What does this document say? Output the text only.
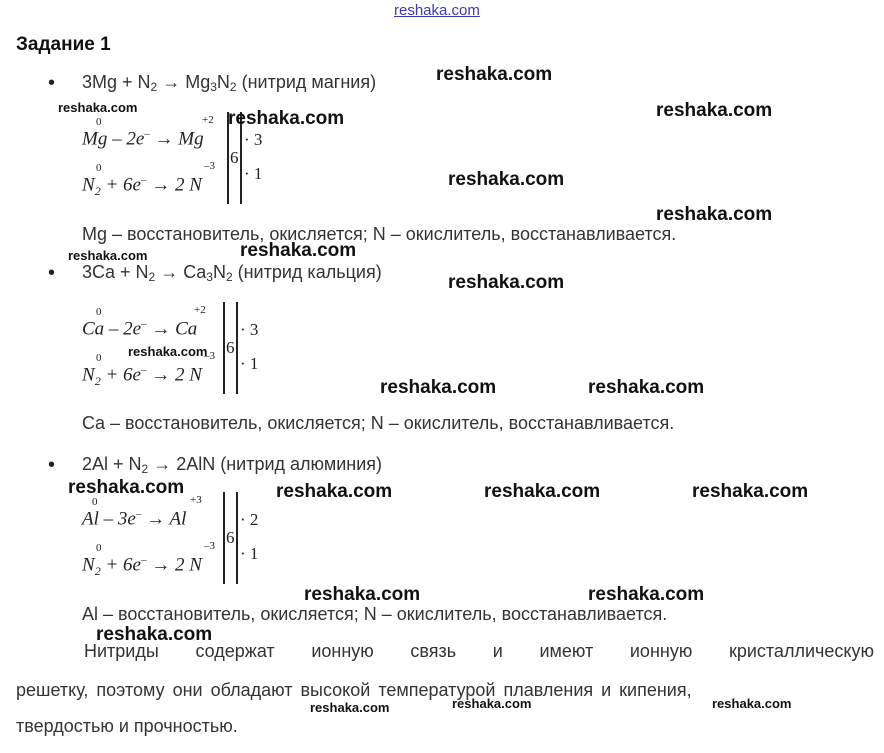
reshaka.com
Задание 1
• $3Mg + N_2 \to Mg_3N_2$ (нитрид магния)
0	+2
Mg – 2e– → Mg
0	–3
$N_2 + 6e^- \to 2$ N
6
· 3
· 1
Mg – восстановитель, окисляется; N – окислитель, восстанавливается.
• $3Ca + N_2 \to Ca_3N_2$ (нитрид кальция)
0	+2
Ca – 2e– → Ca
0	–3
$N_2 + 6e^- \to 2$ N
6
· 3
· 1
Ca – восстановитель, окисляется; N – окислитель, восстанавливается.
• $2Al + N_2 \to 2AlN$ (нитрид алюминия)
0	+3
Al – 3e– → Al
0	–3
$N_2 + 6e^- \to 2$ N
6
· 2
· 1
Al – восстановитель, окисляется; N – окислитель, восстанавливается.
Нитриды содержат ионную связь и имеют ионную кристаллическую
решетку, поэтому они обладают высокой температурой плавления и кипения,
твердостью и прочностью.
reshaka.com
reshaka.com	reshaka.com
reshaka.com
reshaka.com
reshaka.com
reshaka.com
reshaka.com
reshaka.com
reshaka.com
reshaka.com	reshaka.com
reshaka.com	reshaka.com	reshaka.com	reshaka.com
reshaka.com	reshaka.com
reshaka.com
reshaka.com	reshaka.com	reshaka.com
